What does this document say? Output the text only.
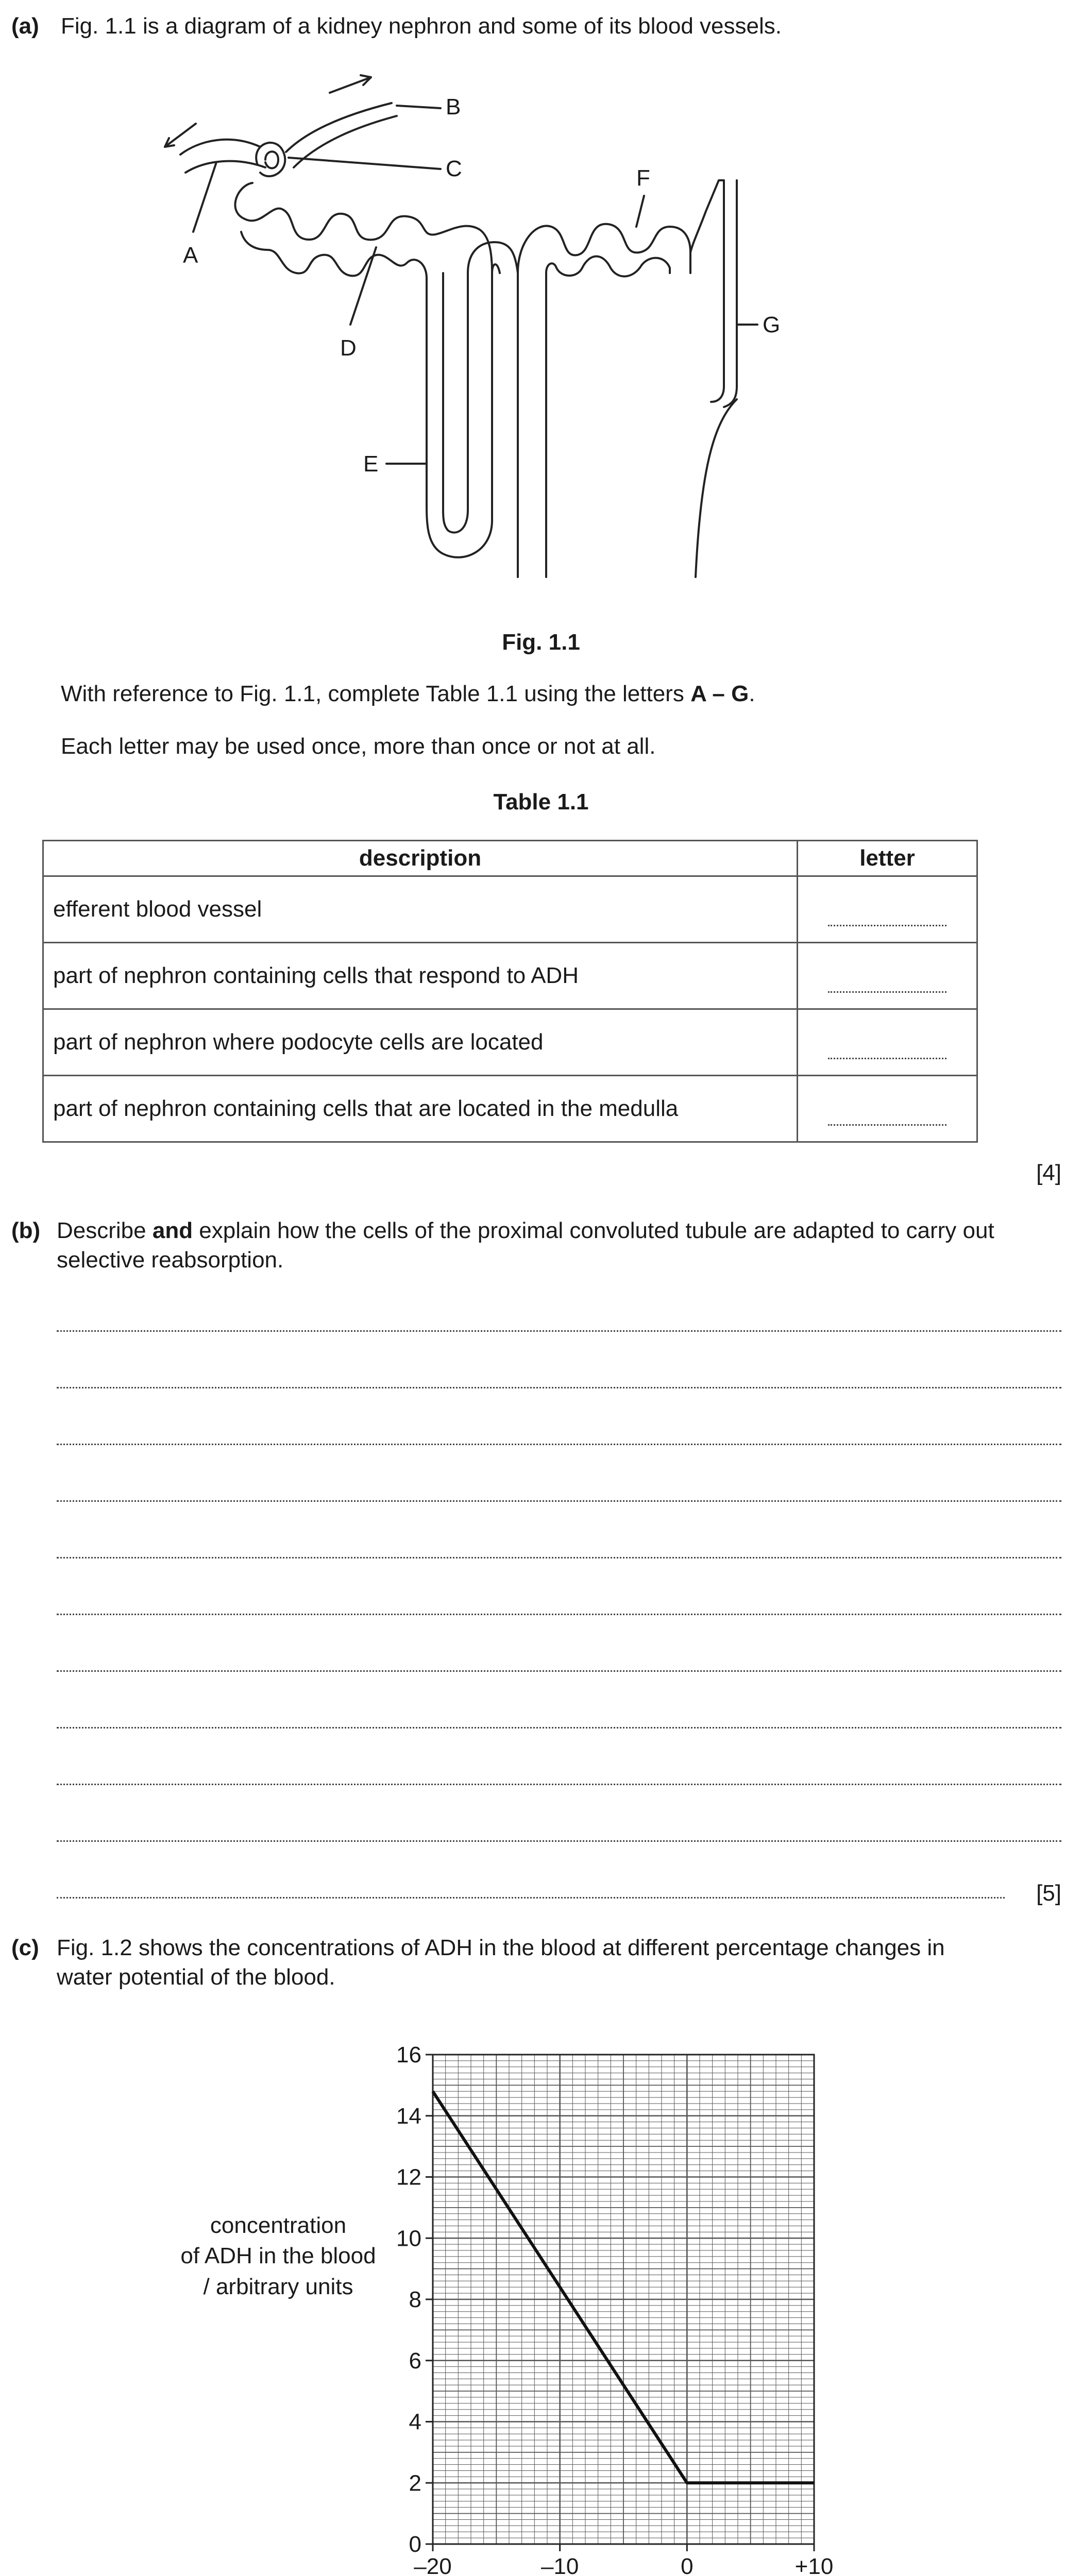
(a) Fig. 1.1 is a diagram of a kidney nephron and some of its blood vessels.
A
B
C
D
E
F
G
Fig. 1.1
With reference to Fig. 1.1, complete Table 1.1 using the letters A – G.
Each letter may be used once, more than once or not at all.
Table 1.1
description	letter
efferent blood vessel	
part of nephron containing cells that respond to ADH	
part of nephron where podocyte cells are located	
part of nephron containing cells that are located in the medulla	
[4]
(b) Describe and explain how the cells of the proximal convoluted tubule are adapted to carry out
selective reabsorption.
[5]
(c) Fig. 1.2 shows the concentrations of ADH in the blood at different percentage changes in
water potential of the blood.
concentration
of ADH in the blood
/ arbitrary units
0
2
4
6
8
10
12
14
16
–20	–10	0	+10
